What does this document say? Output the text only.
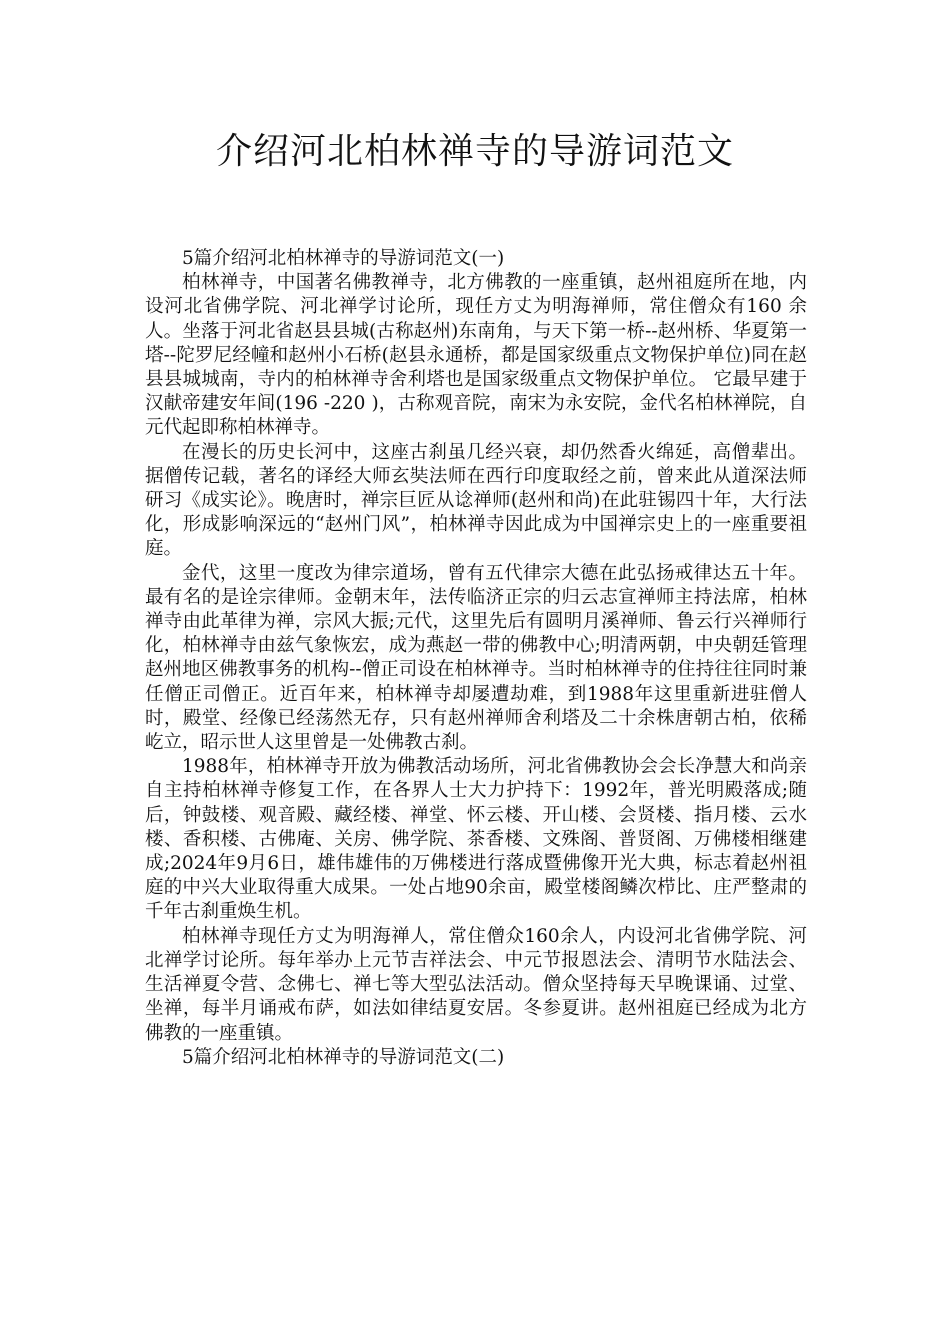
介绍河北柏林禅寺的导游词范文

5篇介绍河北柏林禅寺的导游词范文(一)

柏林禅寺，中国著名佛教禅寺，北方佛教的一座重镇，赵州祖庭所在地，内设河北省佛学院、河北禅学讨论所，现任方丈为明海禅师，常住僧众有160 余人。坐落于河北省赵县县城(古称赵州)东南角，与天下第一桥--赵州桥、华夏第一塔--陀罗尼经幢和赵州小石桥(赵县永通桥，都是国家级重点文物保护单位)同在赵县县城城南，寺内的柏林禅寺舍利塔也是国家级重点文物保护单位。 它最早建于汉献帝建安年间(196 -220 )，古称观音院，南宋为永安院，金代名柏林禅院，自元代起即称柏林禅寺。

在漫长的历史长河中，这座古刹虽几经兴衰，却仍然香火绵延，高僧辈出。据僧传记载，著名的译经大师玄奘法师在西行印度取经之前，曾来此从道深法师研习《成实论》。晚唐时，禅宗巨匠从谂禅师(赵州和尚)在此驻锡四十年，大行法化，形成影响深远的“赵州门风”，柏林禅寺因此成为中国禅宗史上的一座重要祖庭。

金代，这里一度改为律宗道场，曾有五代律宗大德在此弘扬戒律达五十年。最有名的是诠宗律师。金朝末年，法传临济正宗的归云志宣禅师主持法席，柏林禅寺由此革律为禅，宗风大振;元代，这里先后有圆明月溪禅师、鲁云行兴禅师行化，柏林禅寺由兹气象恢宏，成为燕赵一带的佛教中心;明清两朝，中央朝廷管理赵州地区佛教事务的机构--僧正司设在柏林禅寺。当时柏林禅寺的住持往往同时兼任僧正司僧正。近百年来，柏林禅寺却屡遭劫难，到1988年这里重新进驻僧人时，殿堂、经像已经荡然无存，只有赵州禅师舍利塔及二十余株唐朝古柏，依稀屹立，昭示世人这里曾是一处佛教古刹。

1988年，柏林禅寺开放为佛教活动场所，河北省佛教协会会长净慧大和尚亲自主持柏林禅寺修复工作，在各界人士大力护持下：1992年，普光明殿落成;随后，钟鼓楼、观音殿、藏经楼、禅堂、怀云楼、开山楼、会贤楼、指月楼、云水楼、香积楼、古佛庵、关房、佛学院、茶香楼、文殊阁、普贤阁、万佛楼相继建成;2024年9月6日，雄伟雄伟的万佛楼进行落成暨佛像开光大典，标志着赵州祖庭的中兴大业取得重大成果。一处占地90余亩，殿堂楼阁鳞次栉比、庄严整肃的千年古刹重焕生机。

柏林禅寺现任方丈为明海禅人，常住僧众160余人，内设河北省佛学院、河北禅学讨论所。每年举办上元节吉祥法会、中元节报恩法会、清明节水陆法会、生活禅夏令营、念佛七、禅七等大型弘法活动。僧众坚持每天早晚课诵、过堂、坐禅，每半月诵戒布萨，如法如律结夏安居。冬参夏讲。赵州祖庭已经成为北方佛教的一座重镇。

5篇介绍河北柏林禅寺的导游词范文(二)
